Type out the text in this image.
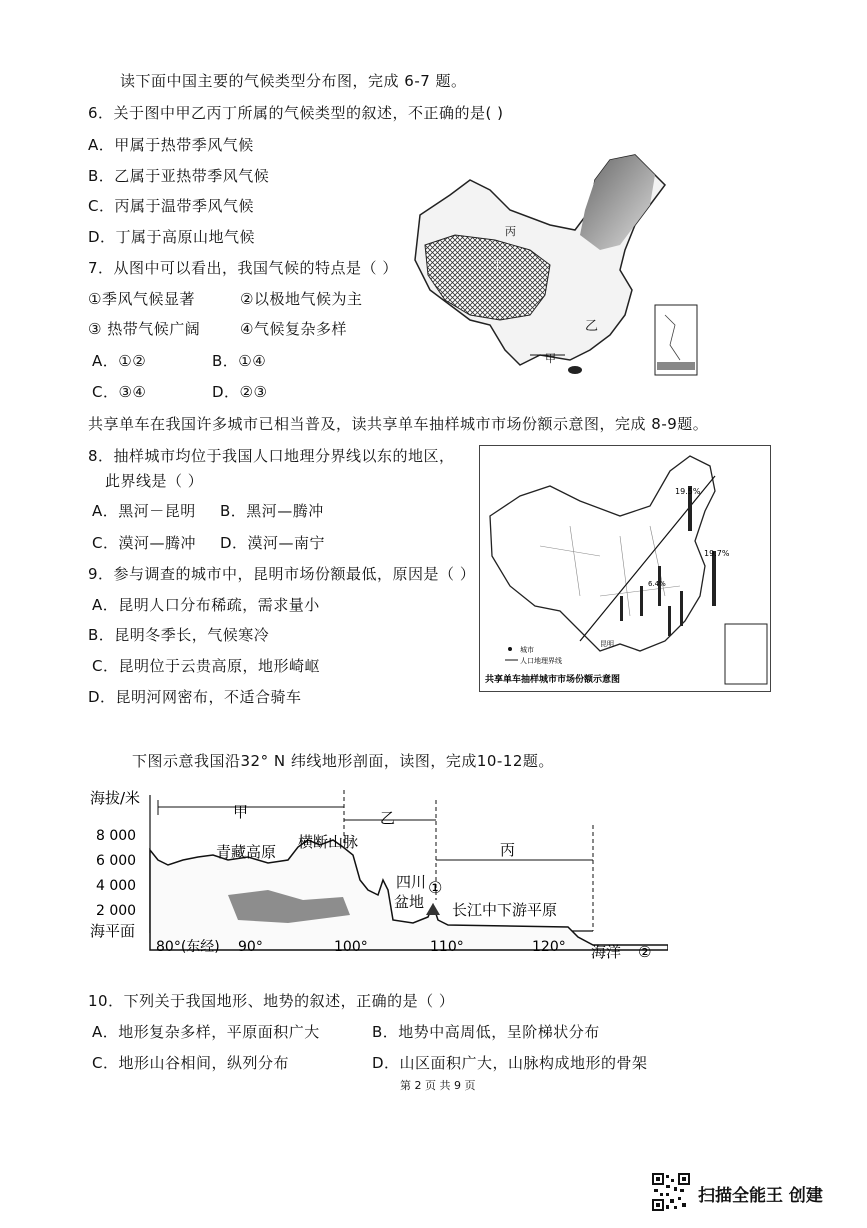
读下面中国主要的气候类型分布图，完成 6-7 题。
6．关于图中甲乙丙丁所属的气候类型的叙述，不正确的是( )
A．甲属于热带季风气候
B．乙属于亚热带季风气候
C．丙属于温带季风气候
D．丁属于高原山地气候
7．从图中可以看出，我国气候的特点是（ ）
①季风气候显著	②以极地气候为主
③ 热带气候广阔	④气候复杂多样
A．①②	B．①④
C．③④	D．②③
丙
丁
乙
甲
共享单车在我国许多城市已相当普及，读共享单车抽样城市市场份额示意图，完成 8-9题。
8．抽样城市均位于我国人口地理分界线以东的地区，
此界线是（ ）
A．黑河－昆明 B．黑河—腾冲
C．漠河—腾冲 D．漠河—南宁
9．参与调查的城市中，昆明市场份额最低，原因是（ ）
A．昆明人口分布稀疏，需求量小
B．昆明冬季长，气候寒冷
C．昆明位于云贵高原，地形崎岖
D．昆明河网密布，不适合骑车
19.5%
19.7%
6.4%
昆明
城市
人口地理界线
共享单车抽样城市市场份额示意图
下图示意我国沿32° N 纬线地形剖面，读图，完成10-12题。
海拔/米
8 000
6 000
4 000
2 000
海平面
甲	乙
丙
青藏高原
横断山脉
四川
盆地
①
长江中下游平原
80°(东经) 90°	100°	110°	120° 海洋 ②
10．下列关于我国地形、地势的叙述，正确的是（ ）
A．地形复杂多样，平原面积广大	B．地势中高周低，呈阶梯状分布
C．地形山谷相间，纵列分布	D．山区面积广大，山脉构成地形的骨架
第 2 页 共 9 页
扫描全能王 创建
